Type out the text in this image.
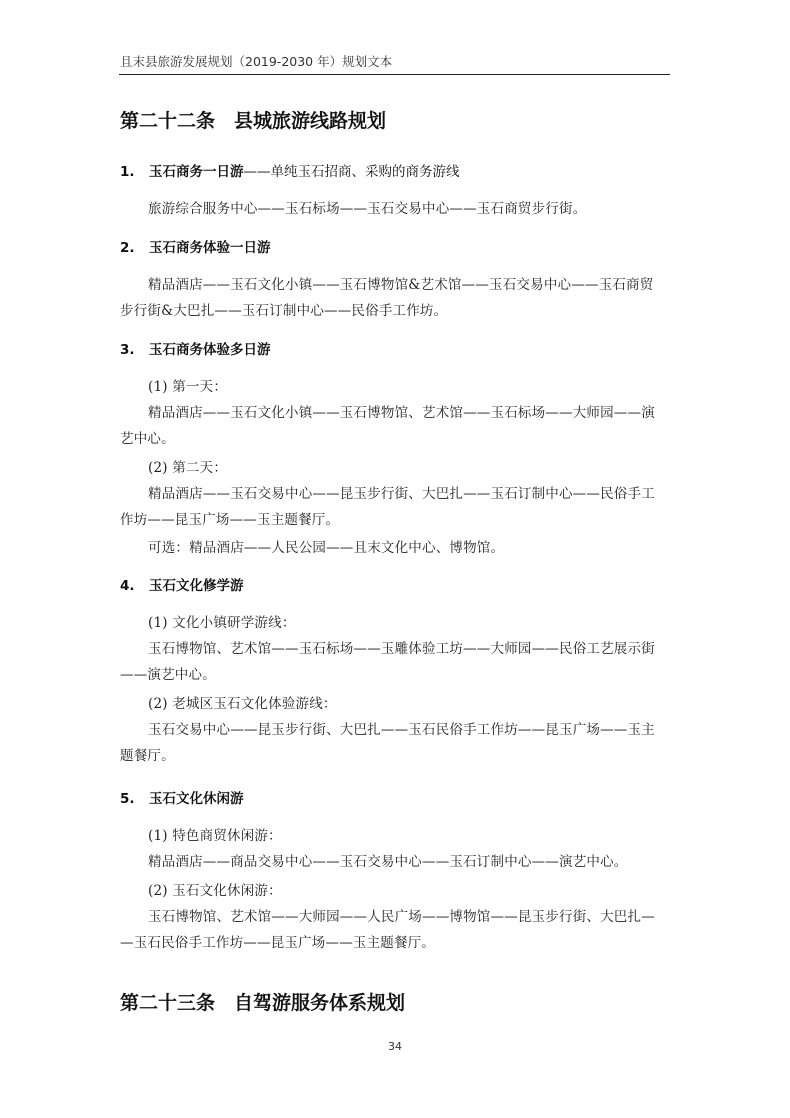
且末县旅游发展规划（2019-2030 年）规划文本
第二十二条　县城旅游线路规划
1. 玉石商务一日游——单纯玉石招商、采购的商务游线
旅游综合服务中心——玉石标场——玉石交易中心——玉石商贸步行街。
2. 玉石商务体验一日游
精品酒店——玉石文化小镇——玉石博物馆&艺术馆——玉石交易中心——玉石商贸
步行街&大巴扎——玉石订制中心——民俗手工作坊。
3. 玉石商务体验多日游
(1) 第一天：
精品酒店——玉石文化小镇——玉石博物馆、艺术馆——玉石标场——大师园——演
艺中心。
(2) 第二天：
精品酒店——玉石交易中心——昆玉步行街、大巴扎——玉石订制中心——民俗手工
作坊——昆玉广场——玉主题餐厅。
可选：精品酒店——人民公园——且末文化中心、博物馆。
4. 玉石文化修学游
(1) 文化小镇研学游线：
玉石博物馆、艺术馆——玉石标场——玉雕体验工坊——大师园——民俗工艺展示街
——演艺中心。
(2) 老城区玉石文化体验游线：
玉石交易中心——昆玉步行街、大巴扎——玉石民俗手工作坊——昆玉广场——玉主
题餐厅。
5. 玉石文化休闲游
(1) 特色商贸休闲游：
精品酒店——商品交易中心——玉石交易中心——玉石订制中心——演艺中心。
(2) 玉石文化休闲游：
玉石博物馆、艺术馆——大师园——人民广场——博物馆——昆玉步行街、大巴扎—
—玉石民俗手工作坊——昆玉广场——玉主题餐厅。
第二十三条　自驾游服务体系规划
34
